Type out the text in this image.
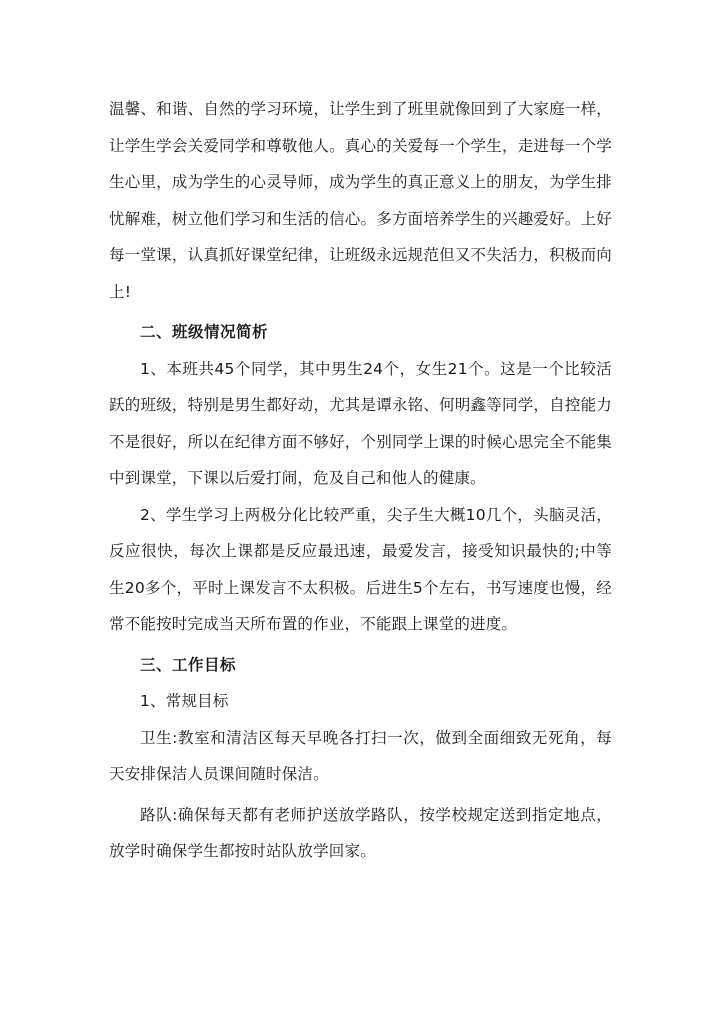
温馨、和谐、自然的学习环境，让学生到了班里就像回到了大家庭一样，让学生学会关爱同学和尊敬他人。真心的关爱每一个学生，走进每一个学生心里，成为学生的心灵导师，成为学生的真正意义上的朋友，为学生排忧解难，树立他们学习和生活的信心。多方面培养学生的兴趣爱好。上好每一堂课，认真抓好课堂纪律，让班级永远规范但又不失活力，积极而向上!

二、班级情况简析

1、本班共45个同学，其中男生24个，女生21个。这是一个比较活跃的班级，特别是男生都好动，尤其是谭永铭、何明鑫等同学，自控能力不是很好，所以在纪律方面不够好，个别同学上课的时候心思完全不能集中到课堂，下课以后爱打闹，危及自己和他人的健康。

2、学生学习上两极分化比较严重，尖子生大概10几个，头脑灵活，反应很快，每次上课都是反应最迅速，最爱发言，接受知识最快的;中等生20多个，平时上课发言不太积极。后进生5个左右，书写速度也慢，经常不能按时完成当天所布置的作业，不能跟上课堂的进度。

三、工作目标

1、常规目标

卫生:教室和清洁区每天早晚各打扫一次，做到全面细致无死角，每天安排保洁人员课间随时保洁。

路队:确保每天都有老师护送放学路队，按学校规定送到指定地点，放学时确保学生都按时站队放学回家。
